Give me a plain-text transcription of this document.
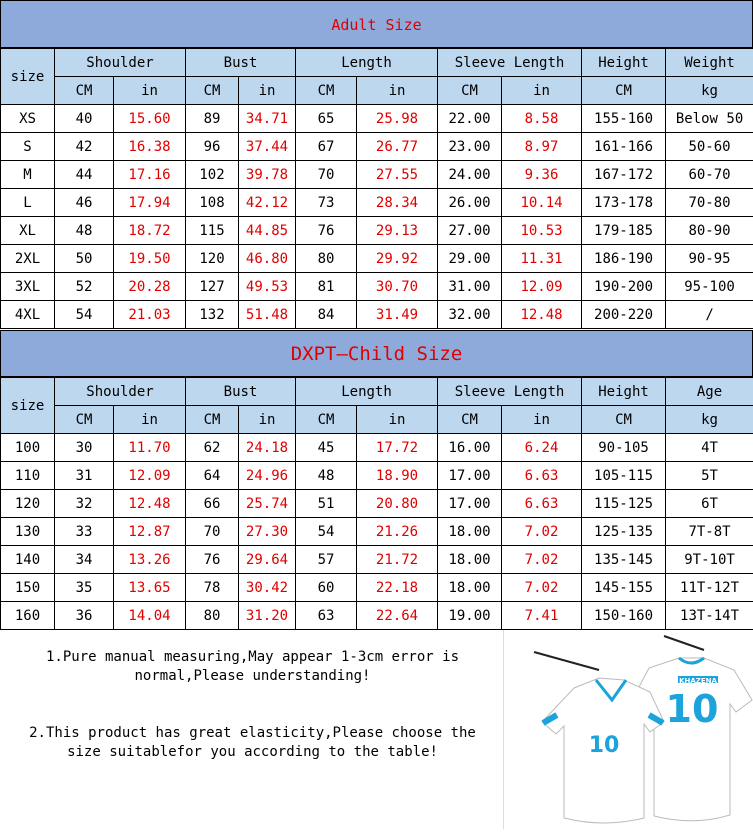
Adult Size
size	Shoulder		Bust		Length		Sleeve Length		Height	Weight
	CM	in	CM	in	CM	in	CM	in	CM	kg
XS	40	15.60	89	34.71	65	25.98	22.00	8.58	155-160	Below 50
S	42	16.38	96	37.44	67	26.77	23.00	8.97	161-166	50-60
M	44	17.16	102	39.78	70	27.55	24.00	9.36	167-172	60-70
L	46	17.94	108	42.12	73	28.34	26.00	10.14	173-178	70-80
XL	48	18.72	115	44.85	76	29.13	27.00	10.53	179-185	80-90
2XL	50	19.50	120	46.80	80	29.92	29.00	11.31	186-190	90-95
3XL	52	20.28	127	49.53	81	30.70	31.00	12.09	190-200	95-100
4XL	54	21.03	132	51.48	84	31.49	32.00	12.48	200-220	/
DXPT—Child Size
size	Shoulder		Bust		Length		Sleeve Length		Height	Age
	CM	in	CM	in	CM	in	CM	in	CM	kg
100	30	11.70	62	24.18	45	17.72	16.00	6.24	90-105	4T
110	31	12.09	64	24.96	48	18.90	17.00	6.63	105-115	5T
120	32	12.48	66	25.74	51	20.80	17.00	6.63	115-125	6T
130	33	12.87	70	27.30	54	21.26	18.00	7.02	125-135	7T-8T
140	34	13.26	76	29.64	57	21.72	18.00	7.02	135-145	9T-10T
150	35	13.65	78	30.42	60	22.18	18.00	7.02	145-155	11T-12T
160	36	14.04	80	31.20	63	22.64	19.00	7.41	150-160	13T-14T
1.Pure manual measuring,May appear 1-3cm error is normal,Please understanding!
2.This product has great elasticity,Please choose the size suitablefor you according to the table!
10
KHAZENA
10
